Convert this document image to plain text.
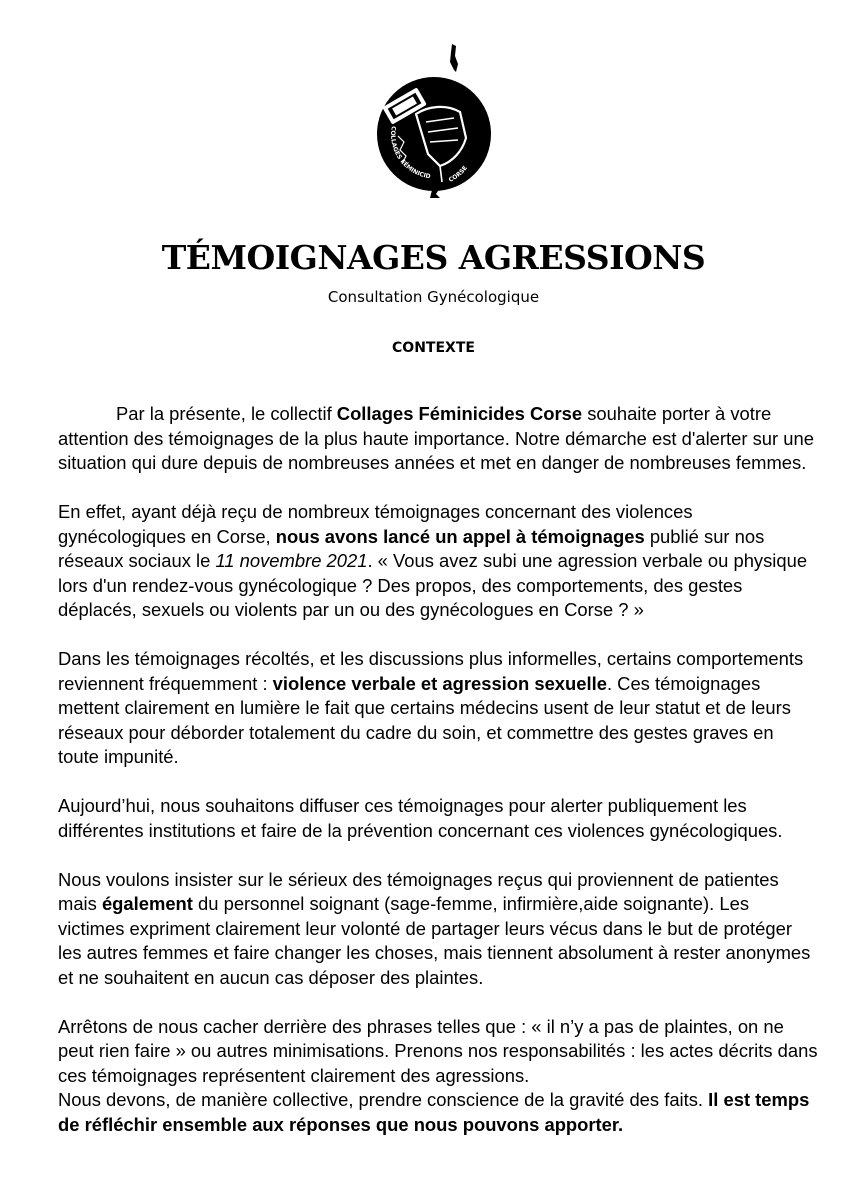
COLLAGES FÉMINICID	CORSE
TÉMOIGNAGES AGRESSIONS
Consultation Gynécologique
CONTEXTE

Par la présente, le collectif Collages Féminicides Corse souhaite porter à votre attention des témoignages de la plus haute importance. Notre démarche est d'alerter sur une situation qui dure depuis de nombreuses années et met en danger de nombreuses femmes.

En effet, ayant déjà reçu de nombreux témoignages concernant des violences gynécologiques en Corse, nous avons lancé un appel à témoignages publié sur nos réseaux sociaux le 11 novembre 2021. « Vous avez subi une agression verbale ou physique lors d'un rendez-vous gynécologique ? Des propos, des comportements, des gestes déplacés, sexuels ou violents par un ou des gynécologues en Corse ? »

Dans les témoignages récoltés, et les discussions plus informelles, certains comportements reviennent fréquemment : violence verbale et agression sexuelle. Ces témoignages mettent clairement en lumière le fait que certains médecins usent de leur statut et de leurs réseaux pour déborder totalement du cadre du soin, et commettre des gestes graves en toute impunité.

Aujourd’hui, nous souhaitons diffuser ces témoignages pour alerter publiquement les différentes institutions et faire de la prévention concernant ces violences gynécologiques.

Nous voulons insister sur le sérieux des témoignages reçus qui proviennent de patientes mais également du personnel soignant (sage-femme, infirmière,aide soignante). Les victimes expriment clairement leur volonté de partager leurs vécus dans le but de protéger les autres femmes et faire changer les choses, mais tiennent absolument à rester anonymes et ne souhaitent en aucun cas déposer des plaintes.

Arrêtons de nous cacher derrière des phrases telles que : « il n’y a pas de plaintes, on ne peut rien faire » ou autres minimisations. Prenons nos responsabilités : les actes décrits dans ces témoignages représentent clairement des agressions.

Nous devons, de manière collective, prendre conscience de la gravité des faits. Il est temps de réfléchir ensemble aux réponses que nous pouvons apporter.
